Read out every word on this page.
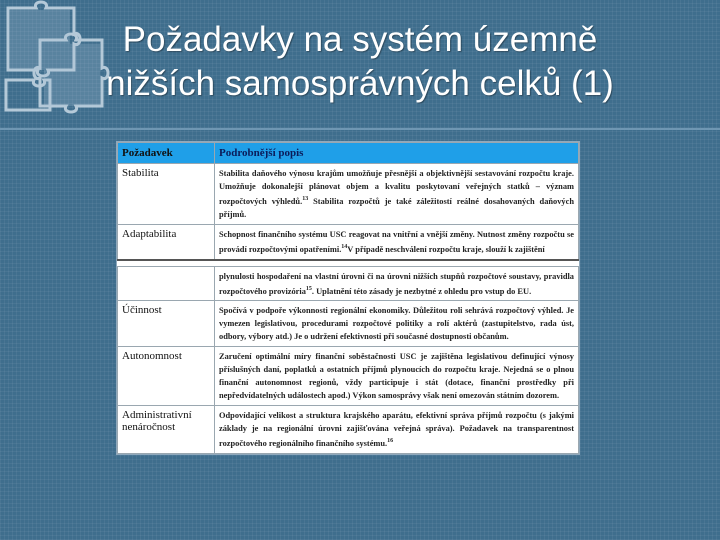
Požadavky na systém územně
nižších samosprávných celků (1)
Požadavek	Podrobnější popis
Stabilita	Stabilita daňového výnosu krajům umožňuje přesnější a objektivnější sestavování rozpočtu kraje. Umožňuje dokonalejší plánovat objem a kvalitu poskytovaní veřejných statků – význam rozpočtových výhledů.$^{13}$ Stabilita rozpočtů je také záležitostí reálné dosahovaných daňových příjmů.
Adaptabilita	Schopnost finančního systému USC reagovat na vnitřní a vnější změny. Nutnost změny rozpočtu se provádí rozpočtovými opatřeními.$^{14}$V případě neschválení rozpočtu kraje, slouží k zajištění

	plynulosti hospodaření na vlastní úrovni či na úrovni nižších stupňů rozpočtové soustavy, pravidla rozpočtového provizória$^{15}$. Uplatnění této zásady je nezbytné z ohledu pro vstup do EU.
Účinnost	Spočívá v podpoře výkonnosti regionální ekonomiky. Důležitou roli sehrává rozpočtový výhled. Je vymezen legislativou, procedurami rozpočtové politiky a rolí aktérů (zastupitelstvo, rada úst, odbory, výbory atd.) Je o udržení efektivnosti při současné dostupnosti občanům.
Autonomnost	Zaručení optimální míry finanční soběstačnosti USC je zajištěna legislativou definující výnosy příslušných daní, poplatků a ostatních příjmů plynoucích do rozpočtu kraje. Nejedná se o plnou finanční autonomnost regionů, vždy participuje i stát (dotace, finanční prostředky při nepředvídatelných událostech apod.) Výkon samosprávy však není omezován státním dozorem.
Administrativní nenáročnost	Odpovídající velikost a struktura krajského aparátu, efektivní správa příjmů rozpočtu (s jakými základy je na regionální úrovni zajišťována veřejná správa). Požadavek na transparentnost rozpočtového regionálního finančního systému.$^{16}$
